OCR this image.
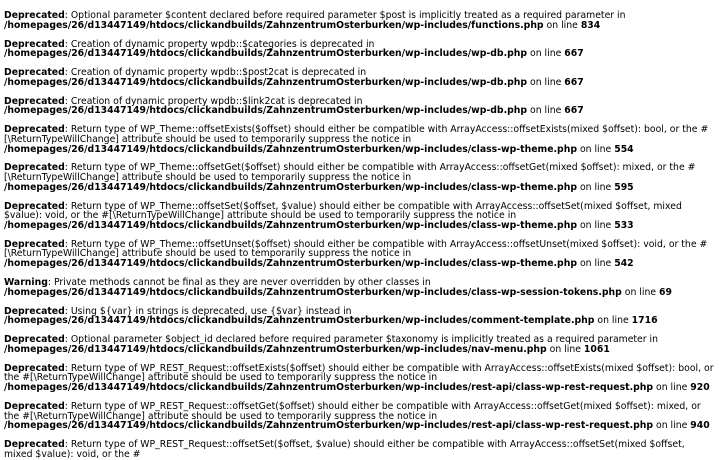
Deprecated: Optional parameter $content declared before required parameter $post is implicitly treated as a required parameter in /homepages/26/d13447149/htdocs/clickandbuilds/ZahnzentrumOsterburken/wp-includes/functions.php on line 834
Deprecated: Creation of dynamic property wpdb::$categories is deprecated in /homepages/26/d13447149/htdocs/clickandbuilds/ZahnzentrumOsterburken/wp-includes/wp-db.php on line 667
Deprecated: Creation of dynamic property wpdb::$post2cat is deprecated in /homepages/26/d13447149/htdocs/clickandbuilds/ZahnzentrumOsterburken/wp-includes/wp-db.php on line 667
Deprecated: Creation of dynamic property wpdb::$link2cat is deprecated in /homepages/26/d13447149/htdocs/clickandbuilds/ZahnzentrumOsterburken/wp-includes/wp-db.php on line 667
Deprecated: Return type of WP_Theme::offsetExists($offset) should either be compatible with ArrayAccess::offsetExists(mixed $offset): bool, or the #[\ReturnTypeWillChange] attribute should be used to temporarily suppress the notice in /homepages/26/d13447149/htdocs/clickandbuilds/ZahnzentrumOsterburken/wp-includes/class-wp-theme.php on line 554
Deprecated: Return type of WP_Theme::offsetGet($offset) should either be compatible with ArrayAccess::offsetGet(mixed $offset): mixed, or the #[\ReturnTypeWillChange] attribute should be used to temporarily suppress the notice in /homepages/26/d13447149/htdocs/clickandbuilds/ZahnzentrumOsterburken/wp-includes/class-wp-theme.php on line 595
Deprecated: Return type of WP_Theme::offsetSet($offset, $value) should either be compatible with ArrayAccess::offsetSet(mixed $offset, mixed $value): void, or the #[\ReturnTypeWillChange] attribute should be used to temporarily suppress the notice in /homepages/26/d13447149/htdocs/clickandbuilds/ZahnzentrumOsterburken/wp-includes/class-wp-theme.php on line 533
Deprecated: Return type of WP_Theme::offsetUnset($offset) should either be compatible with ArrayAccess::offsetUnset(mixed $offset): void, or the #[\ReturnTypeWillChange] attribute should be used to temporarily suppress the notice in /homepages/26/d13447149/htdocs/clickandbuilds/ZahnzentrumOsterburken/wp-includes/class-wp-theme.php on line 542
Warning: Private methods cannot be final as they are never overridden by other classes in /homepages/26/d13447149/htdocs/clickandbuilds/ZahnzentrumOsterburken/wp-includes/class-wp-session-tokens.php on line 69
Deprecated: Using ${var} in strings is deprecated, use {$var} instead in /homepages/26/d13447149/htdocs/clickandbuilds/ZahnzentrumOsterburken/wp-includes/comment-template.php on line 1716
Deprecated: Optional parameter $object_id declared before required parameter $taxonomy is implicitly treated as a required parameter in /homepages/26/d13447149/htdocs/clickandbuilds/ZahnzentrumOsterburken/wp-includes/nav-menu.php on line 1061
Deprecated: Return type of WP_REST_Request::offsetExists($offset) should either be compatible with ArrayAccess::offsetExists(mixed $offset): bool, or the #[\ReturnTypeWillChange] attribute should be used to temporarily suppress the notice in /homepages/26/d13447149/htdocs/clickandbuilds/ZahnzentrumOsterburken/wp-includes/rest-api/class-wp-rest-request.php on line 920
Deprecated: Return type of WP_REST_Request::offsetGet($offset) should either be compatible with ArrayAccess::offsetGet(mixed $offset): mixed, or the #[\ReturnTypeWillChange] attribute should be used to temporarily suppress the notice in /homepages/26/d13447149/htdocs/clickandbuilds/ZahnzentrumOsterburken/wp-includes/rest-api/class-wp-rest-request.php on line 940
Deprecated: Return type of WP_REST_Request::offsetSet($offset, $value) should either be compatible with ArrayAccess::offsetSet(mixed $offset, mixed $value): void, or the #
